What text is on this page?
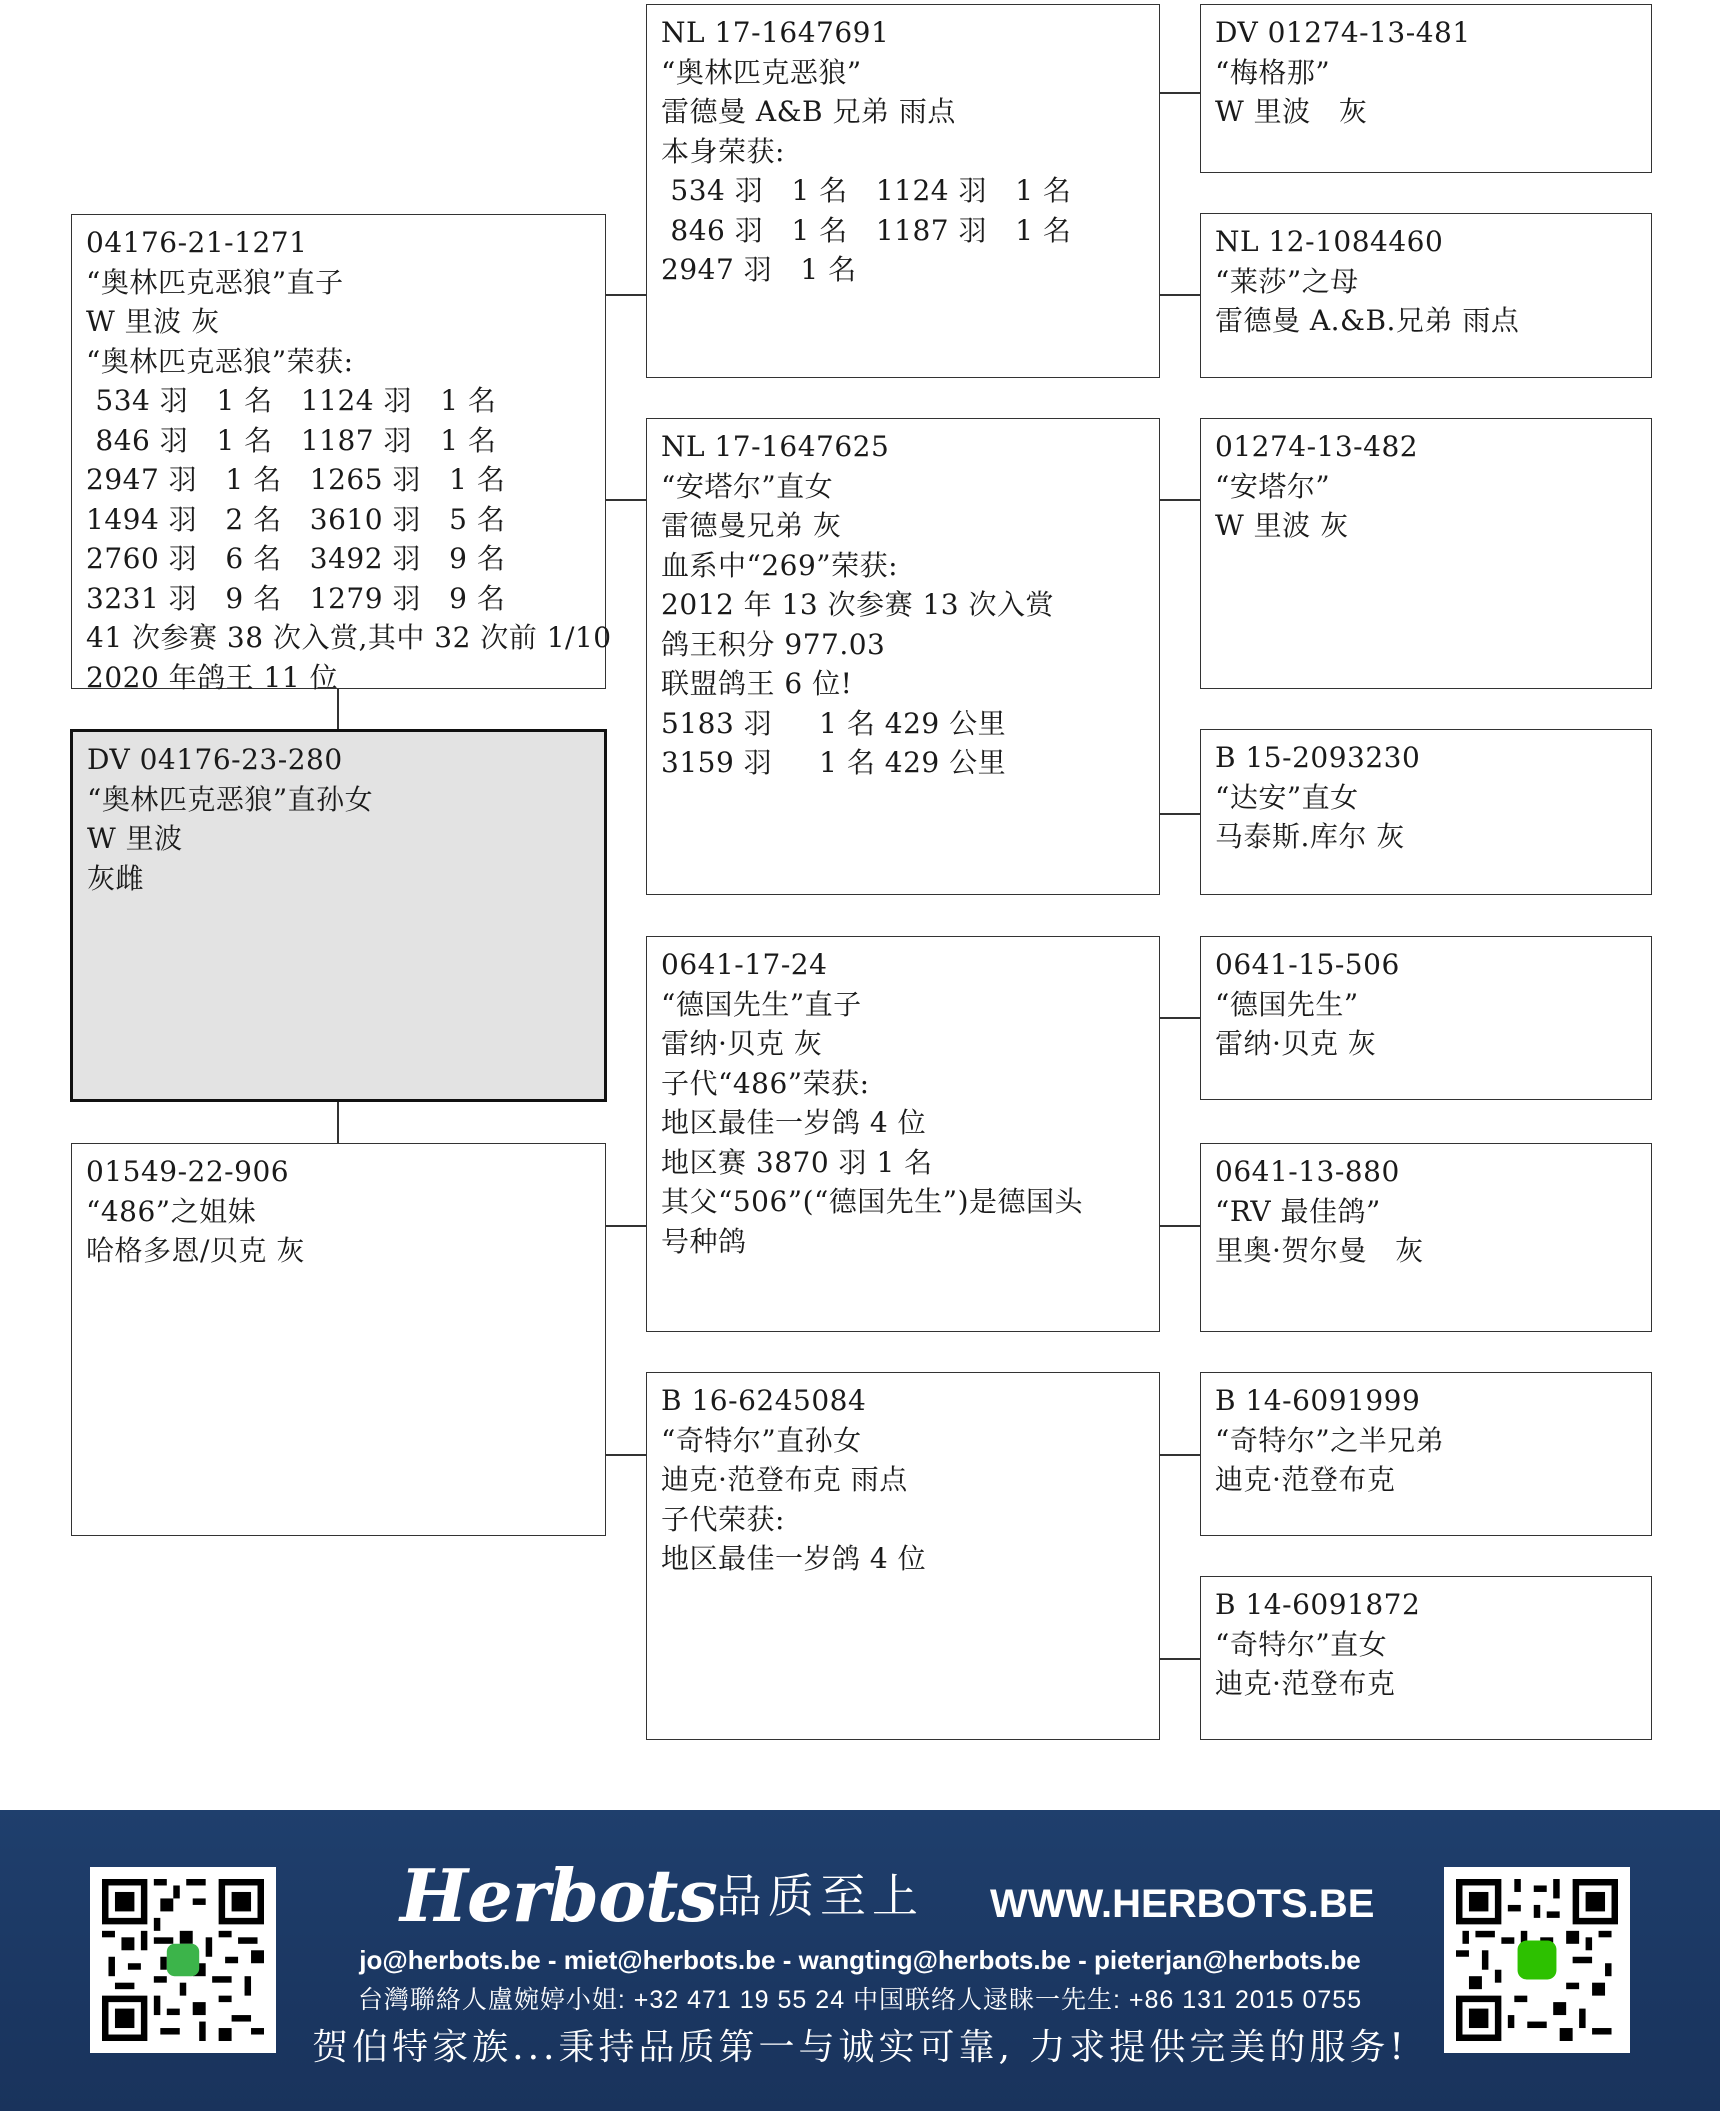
04176-21-1271
“奥林匹克恶狼”直子
W 里波 灰
“奥林匹克恶狼”荣获:
534 羽   1 名   1124 羽   1 名
846 羽   1 名   1187 羽   1 名
2947 羽   1 名   1265 羽   1 名
1494 羽   2 名   3610 羽   5 名
2760 羽   6 名   3492 羽   9 名
3231 羽   9 名   1279 羽   9 名
41 次参赛 38 次入赏,其中 32 次前 1/10
2020 年鸽王 11 位
DV 04176-23-280
“奥林匹克恶狼”直孙女
W 里波
灰雌
01549-22-906
“486”之姐妹
哈格多恩/贝克 灰
NL 17-1647691
“奥林匹克恶狼”
雷德曼 A&B 兄弟 雨点
本身荣获:
534 羽   1 名   1124 羽   1 名
846 羽   1 名   1187 羽   1 名
2947 羽   1 名
NL 17-1647625
“安塔尔”直女
雷德曼兄弟 灰
血系中“269”荣获:
2012 年 13 次参赛 13 次入赏
鸽王积分 977.03
联盟鸽王 6 位!
5183 羽     1 名 429 公里
3159 羽     1 名 429 公里
0641-17-24
“德国先生”直子
雷纳·贝克 灰
子代“486”荣获:
地区最佳一岁鸽 4 位
地区赛 3870 羽 1 名
其父“506”(“德国先生”)是德国头
号种鸽
B 16-6245084
“奇特尔”直孙女
迪克·范登布克 雨点
子代荣获:
地区最佳一岁鸽 4 位
DV 01274-13-481
“梅格那”
W 里波   灰
NL 12-1084460
“莱莎”之母
雷德曼 A.&B.兄弟 雨点
01274-13-482
“安塔尔”
W 里波 灰
B 15-2093230
“达安”直女
马泰斯.库尔 灰
0641-15-506
“德国先生”
雷纳·贝克 灰
0641-13-880
“RV 最佳鸽”
里奥·贺尔曼   灰
B 14-6091999
“奇特尔”之半兄弟
迪克·范登布克
B 14-6091872
“奇特尔”直女
迪克·范登布克
Herbots 品质至上 WWW.HERBOTS.BE
jo@herbots.be - miet@herbots.be - wangting@herbots.be - pieterjan@herbots.be
台灣聯絡人盧婉婷小姐: +32 471 19 55 24 中国联络人逯睐一先生: +86 131 2015 0755
贺伯特家族...秉持品质第一与诚实可靠, 力求提供完美的服务!
